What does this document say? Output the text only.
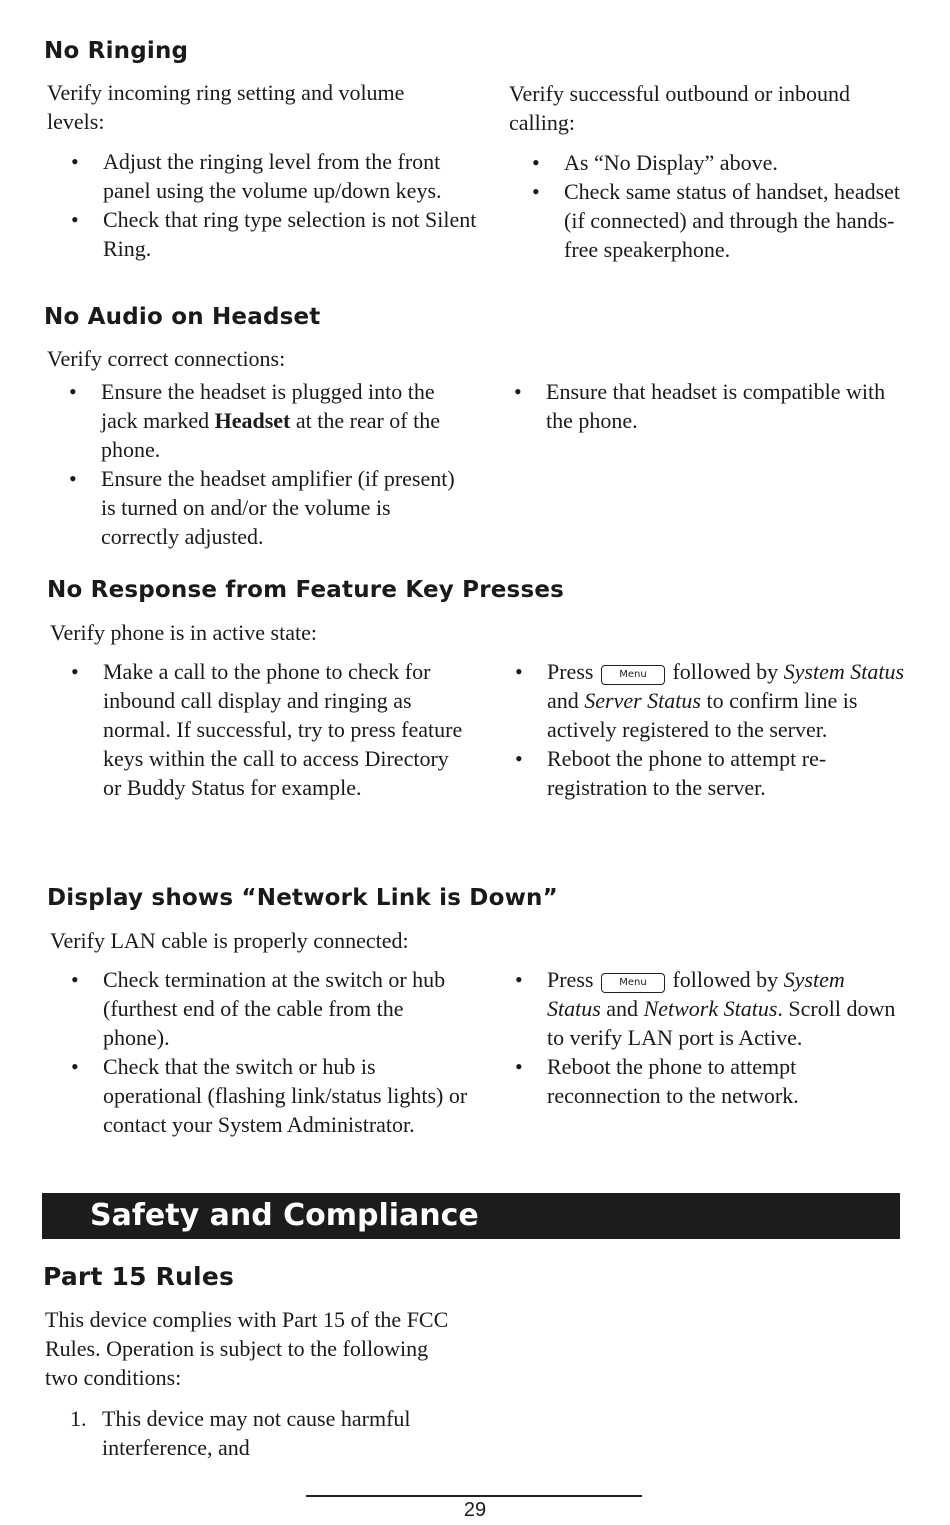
No Ringing

Verify incoming ring setting and volume levels:

• Adjust the ringing level from the front panel using the volume up/down keys.
• Check that ring type selection is not Silent Ring.

Verify successful outbound or inbound calling:

• As “No Display” above.
• Check same status of handset, headset (if connected) and through the hands-free speakerphone.
No Audio on Headset

Verify correct connections:

• Ensure the headset is plugged into the jack marked Headset at the rear of the phone.
• Ensure the headset amplifier (if present) is turned on and/or the volume is correctly adjusted.
• Ensure that headset is compatible with the phone.
No Response from Feature Key Presses

Verify phone is in active state:

• Make a call to the phone to check for inbound call display and ringing as normal. If successful, try to press feature keys within the call to access Directory or Buddy Status for example.
• Press	Menu followed by System Status and Server Status to confirm line is actively registered to the server.
• Reboot the phone to attempt re-registration to the server.
Display shows “Network Link is Down”

Verify LAN cable is properly connected:

• Check termination at the switch or hub (furthest end of the cable from the phone).
• Check that the switch or hub is operational (flashing link/status lights) or contact your System Administrator.
• Press	Menu followed by System Status and Network Status. Scroll down to verify LAN port is Active.
• Reboot the phone to attempt reconnection to the network.
Safety and Compliance
Part 15 Rules

This device complies with Part 15 of the FCC Rules. Operation is subject to the following two conditions:

1. This device may not cause harmful interference, and
29
